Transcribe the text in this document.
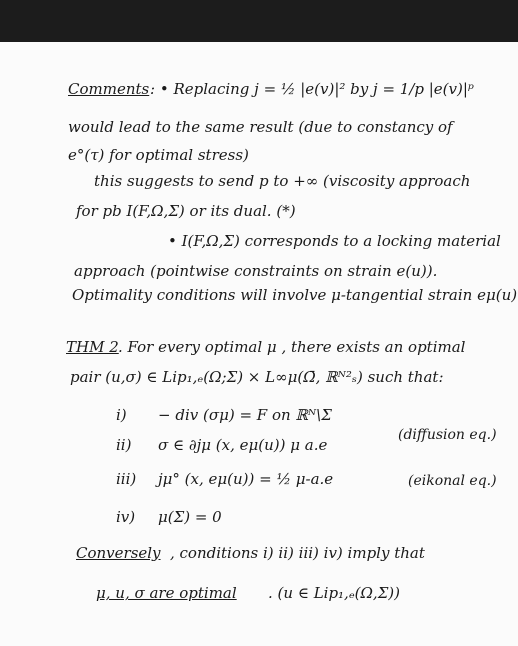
Comments : • Replacing j = ½ |e(v)|² by j = 1/p |e(v)|ᵖ
would lead to the same result (due to constancy of
e°(τ) for optimal stress)
this suggests to send p to +∞ (viscosity approach
for pb I(F,Ω,Σ) or its dual. (*)
• I(F,Ω,Σ) corresponds to a locking material
approach (pointwise constraints on strain e(u)).
Optimality conditions will involve μ-tangential strain eμ(u)
THM 2 . For every optimal μ , there exists an optimal
pair (u,σ) ∈ Lip₁,ₑ(Ω;Σ) × L∞μ(Ω̄, ℝᴺ²ₛ) such that:
i) − div (σμ) = F on ℝᴺ\Σ
ii) σ ∈ ∂jμ (x, eμ(u)) μ a.e
(diffusion eq.)
iii) jμ° (x, eμ(u)) = ½ μ-a.e	(eikonal eq.)
iv) μ(Σ) = 0
Conversely , conditions i) ii) iii) iv) imply that
μ, u, σ are optimal . (u ∈ Lip₁,ₑ(Ω,Σ))
